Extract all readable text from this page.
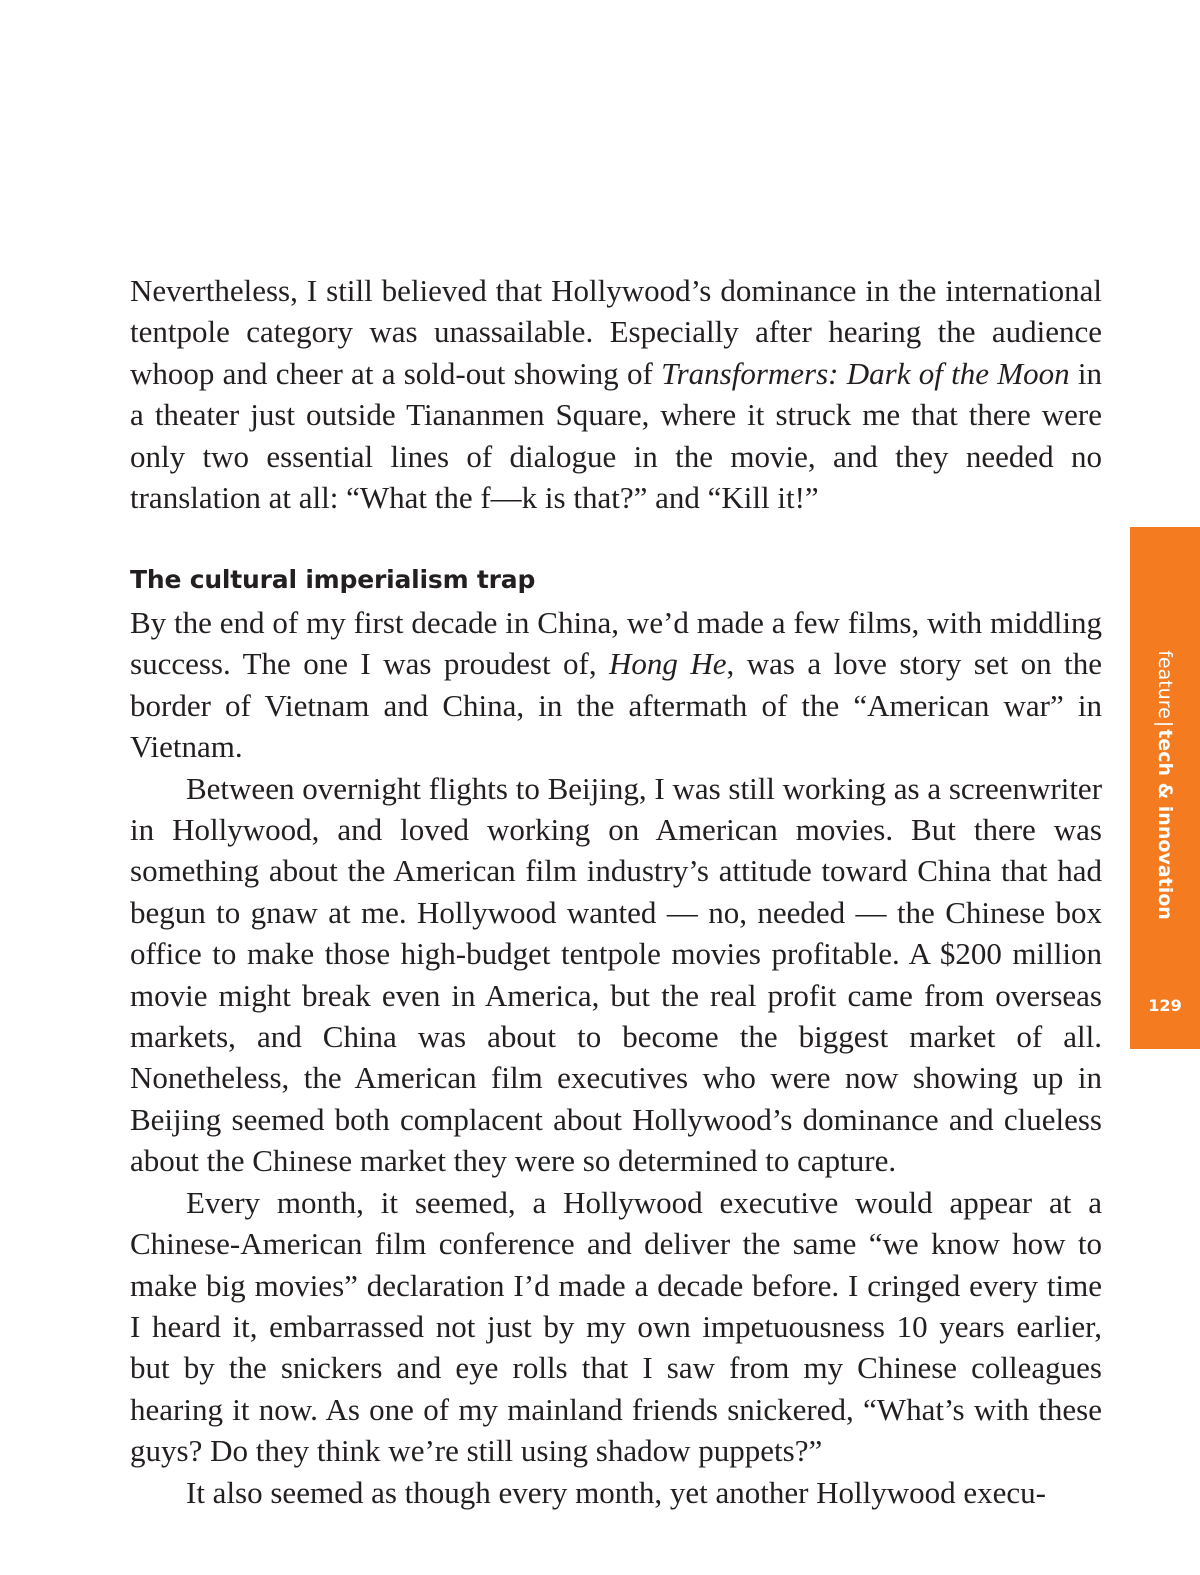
Nevertheless, I still believed that Hollywood’s dominance in the international tentpole category was unassailable. Especially after hearing the audience whoop and cheer at a sold-out showing of Transformers: Dark of the Moon in a theater just outside Tiananmen Square, where it struck me that there were only two essential lines of dialogue in the movie, and they needed no translation at all: “What the f—k is that?” and “Kill it!”

The cultural imperialism trap

By the end of my first decade in China, we’d made a few films, with middling success. The one I was proudest of, Hong He, was a love story set on the border of Vietnam and China, in the aftermath of the “American war” in Vietnam.

Between overnight flights to Beijing, I was still working as a screenwriter in Hollywood, and loved working on American movies. But there was something about the American film industry’s attitude toward China that had begun to gnaw at me. Hollywood wanted — no, needed — the Chinese box office to make those high-budget tentpole movies profitable. A $200 million movie might break even in America, but the real profit came from overseas markets, and China was about to become the biggest market of all. Nonetheless, the American film executives who were now showing up in Beijing seemed both complacent about Hollywood’s dominance and clueless about the Chinese market they were so determined to capture.

Every month, it seemed, a Hollywood executive would appear at a Chinese-American film conference and deliver the same “we know how to make big movies” declaration I’d made a decade before. I cringed every time I heard it, embarrassed not just by my own impetuousness 10 years earlier, but by the snickers and eye rolls that I saw from my Chinese colleagues hearing it now. As one of my mainland friends snickered, “What’s with these guys? Do they think we’re still using shadow puppets?”

It also seemed as though every month, yet another Hollywood execu-

feature|tech & innovation
129
